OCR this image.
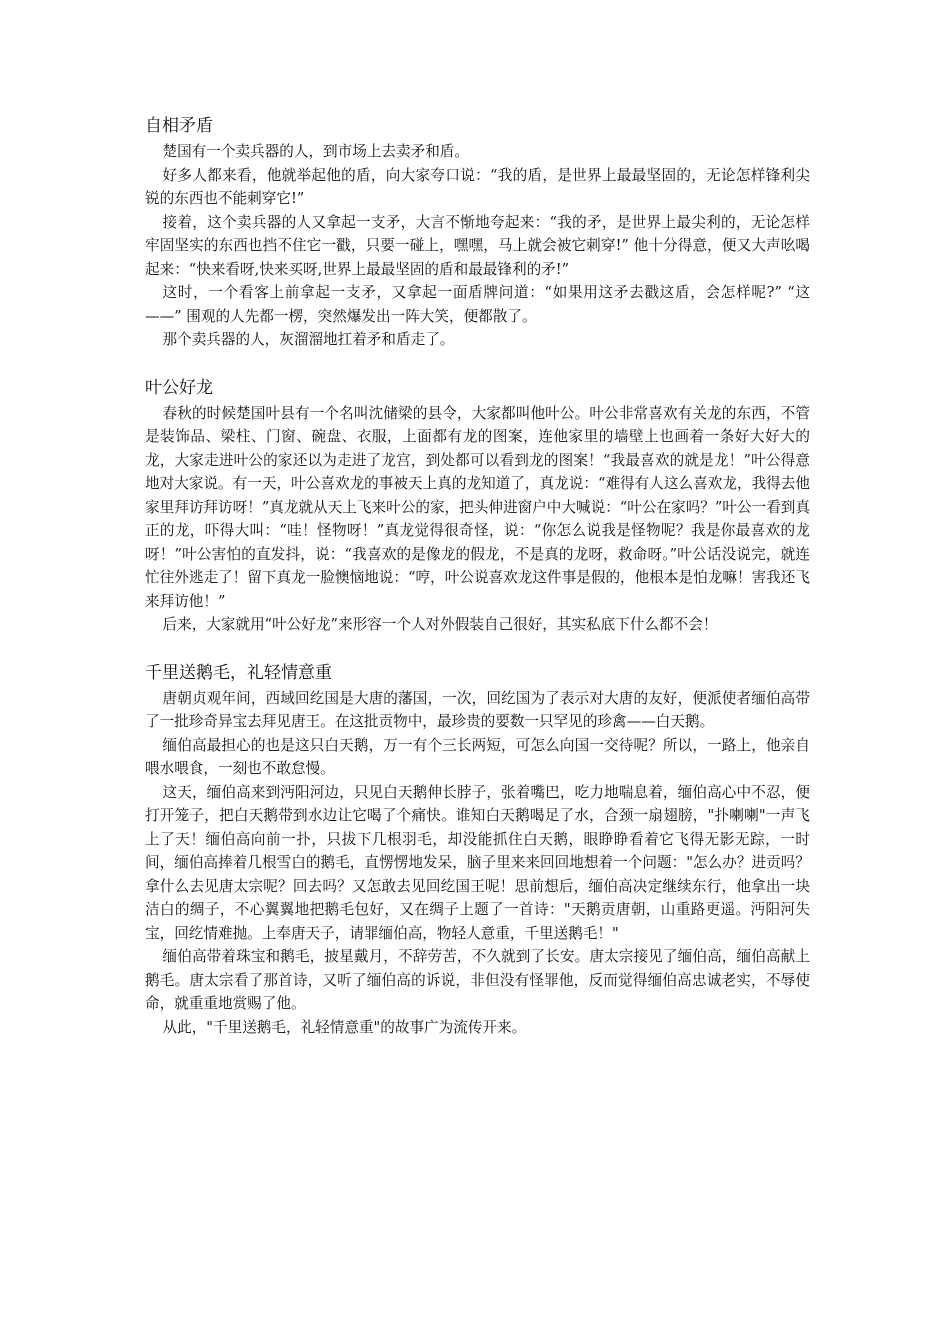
自相矛盾

楚国有一个卖兵器的人，到市场上去卖矛和盾。

好多人都来看，他就举起他的盾，向大家夸口说：“我的盾，是世界上最最坚固的，无论怎样锋利尖锐的东西也不能刺穿它!”

接着，这个卖兵器的人又拿起一支矛，大言不惭地夸起来：“我的矛，是世界上最尖利的，无论怎样牢固坚实的东西也挡不住它一戳，只要一碰上，嘿嘿，马上就会被它刺穿!” 他十分得意，便又大声吆喝起来：“快来看呀,快来买呀,世界上最最坚固的盾和最最锋利的矛!”

这时，一个看客上前拿起一支矛，又拿起一面盾牌问道：“如果用这矛去戳这盾，会怎样呢?” “这——” 围观的人先都一楞，突然爆发出一阵大笑，便都散了。

那个卖兵器的人，灰溜溜地扛着矛和盾走了。

叶公好龙

春秋的时候楚国叶县有一个名叫沈储梁的县令，大家都叫他叶公。叶公非常喜欢有关龙的东西，不管是装饰品、梁柱、门窗、碗盘、衣服，上面都有龙的图案，连他家里的墙壁上也画着一条好大好大的龙，大家走进叶公的家还以为走进了龙宫，到处都可以看到龙的图案！“我最喜欢的就是龙！”叶公得意地对大家说。有一天，叶公喜欢龙的事被天上真的龙知道了，真龙说：“难得有人这么喜欢龙，我得去他家里拜访拜访呀！”真龙就从天上飞来叶公的家，把头伸进窗户中大喊说：“叶公在家吗？”叶公一看到真正的龙，吓得大叫：“哇！怪物呀！”真龙觉得很奇怪，说：“你怎么说我是怪物呢？我是你最喜欢的龙呀！”叶公害怕的直发抖，说：“我喜欢的是像龙的假龙，不是真的龙呀，救命呀。”叶公话没说完，就连忙往外逃走了！留下真龙一脸懊恼地说：“哼，叶公说喜欢龙这件事是假的，他根本是怕龙嘛！害我还飞来拜访他！”

后来，大家就用“叶公好龙”来形容一个人对外假装自己很好，其实私底下什么都不会！

千里送鹅毛，礼轻情意重

唐朝贞观年间，西域回纥国是大唐的藩国，一次，回纥国为了表示对大唐的友好，便派使者缅伯高带了一批珍奇异宝去拜见唐王。在这批贡物中，最珍贵的要数一只罕见的珍禽——白天鹅。

缅伯高最担心的也是这只白天鹅，万一有个三长两短，可怎么向国一交待呢？所以，一路上，他亲自喂水喂食，一刻也不敢怠慢。

这天，缅伯高来到沔阳河边，只见白天鹅伸长脖子，张着嘴巴，吃力地喘息着，缅伯高心中不忍，便打开笼子，把白天鹅带到水边让它喝了个痛快。谁知白天鹅喝足了水，合颈一扇翅膀，"扑喇喇"一声飞上了天！缅伯高向前一扑，只拔下几根羽毛，却没能抓住白天鹅，眼睁睁看着它飞得无影无踪，一时间，缅伯高捧着几根雪白的鹅毛，直愣愣地发呆，脑子里来来回回地想着一个问题："怎么办？进贡吗？拿什么去见唐太宗呢？回去吗？又怎敢去见回纥国王呢！思前想后，缅伯高决定继续东行，他拿出一块洁白的绸子，不心翼翼地把鹅毛包好，又在绸子上题了一首诗："天鹅贡唐朝，山重路更遥。沔阳河失宝，回纥情难抛。上奉唐天子，请罪缅伯高，物轻人意重，千里送鹅毛！"

缅伯高带着珠宝和鹅毛，披星戴月，不辞劳苦，不久就到了长安。唐太宗接见了缅伯高，缅伯高献上鹅毛。唐太宗看了那首诗，又听了缅伯高的诉说，非但没有怪罪他，反而觉得缅伯高忠诚老实，不辱使命，就重重地赏赐了他。

从此，"千里送鹅毛，礼轻情意重"的故事广为流传开来。
